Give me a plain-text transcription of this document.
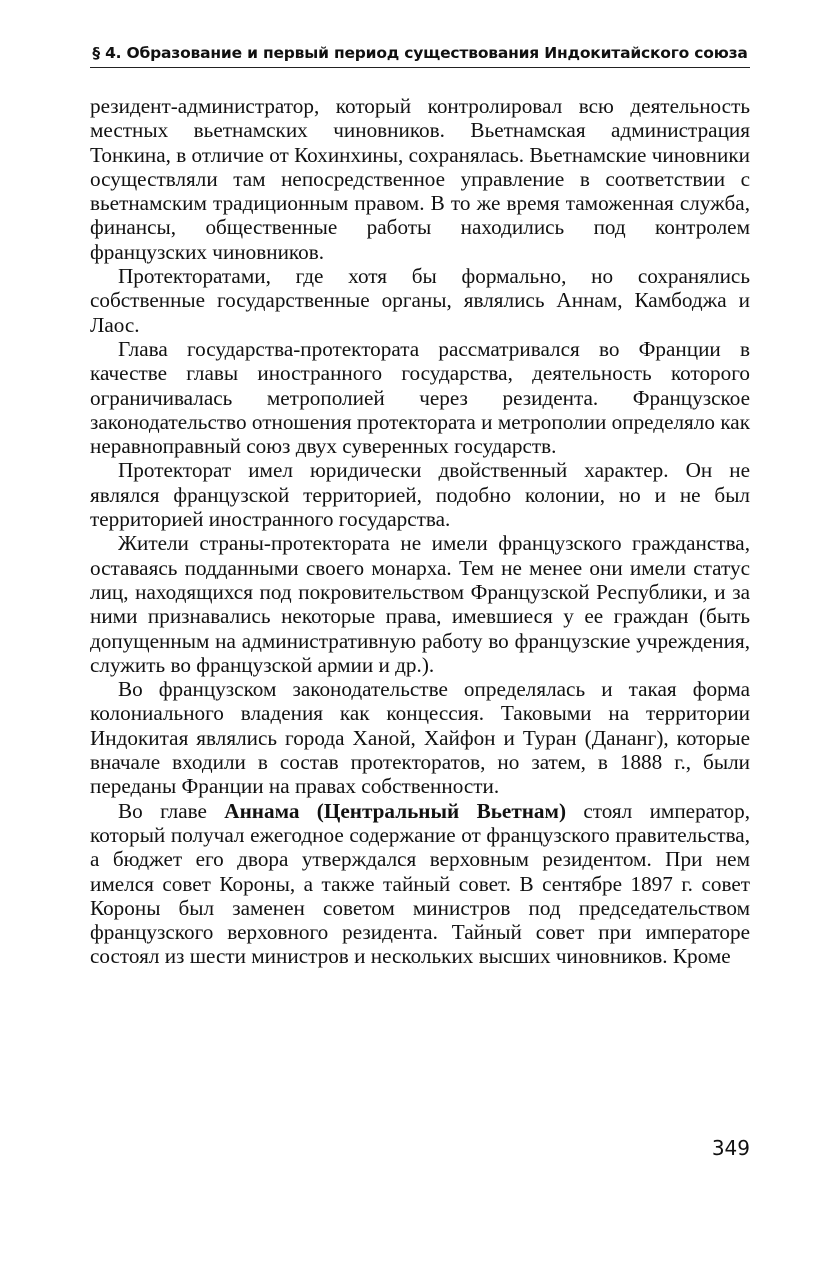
§ 4. Образование и первый период существования Индокитайского союза

резидент-администратор, который контролировал всю деятельность местных вьетнамских чиновников. Вьетнамская администрация Тонкина, в отличие от Кохинхины, сохранялась. Вьетнамские чиновники осуществляли там непосредственное управление в соответствии с вьетнамским традиционным правом. В то же время таможенная служба, финансы, общественные работы находились под контролем французских чиновников.

Протекторатами, где хотя бы формально, но сохранялись собственные государственные органы, являлись Аннам, Камбоджа и Лаос.

Глава государства-протектората рассматривался во Франции в качестве главы иностранного государства, деятельность которого ограничивалась метрополией через резидента. Французское законодательство отношения протектората и метрополии определяло как неравноправный союз двух суверенных государств.

Протекторат имел юридически двойственный характер. Он не являлся французской территорией, подобно колонии, но и не был территорией иностранного государства.

Жители страны-протектората не имели французского гражданства, оставаясь подданными своего монарха. Тем не менее они имели статус лиц, находящихся под покровительством Французской Республики, и за ними признавались некоторые права, имевшиеся у ее граждан (быть допущенным на административную работу во французские учреждения, служить во французской армии и др.).

Во французском законодательстве определялась и такая форма колониального владения как концессия. Таковыми на территории Индокитая являлись города Ханой, Хайфон и Туран (Дананг), которые вначале входили в состав протекторатов, но затем, в 1888 г., были переданы Франции на правах собственности.

Во главе Аннама (Центральный Вьетнам) стоял император, который получал ежегодное содержание от французского правительства, а бюджет его двора утверждался верховным резидентом. При нем имелся совет Короны, а также тайный совет. В сентябре 1897 г. совет Короны был заменен советом министров под председательством французского верховного резидента. Тайный совет при императоре состоял из шести министров и нескольких высших чиновников. Кроме

349
